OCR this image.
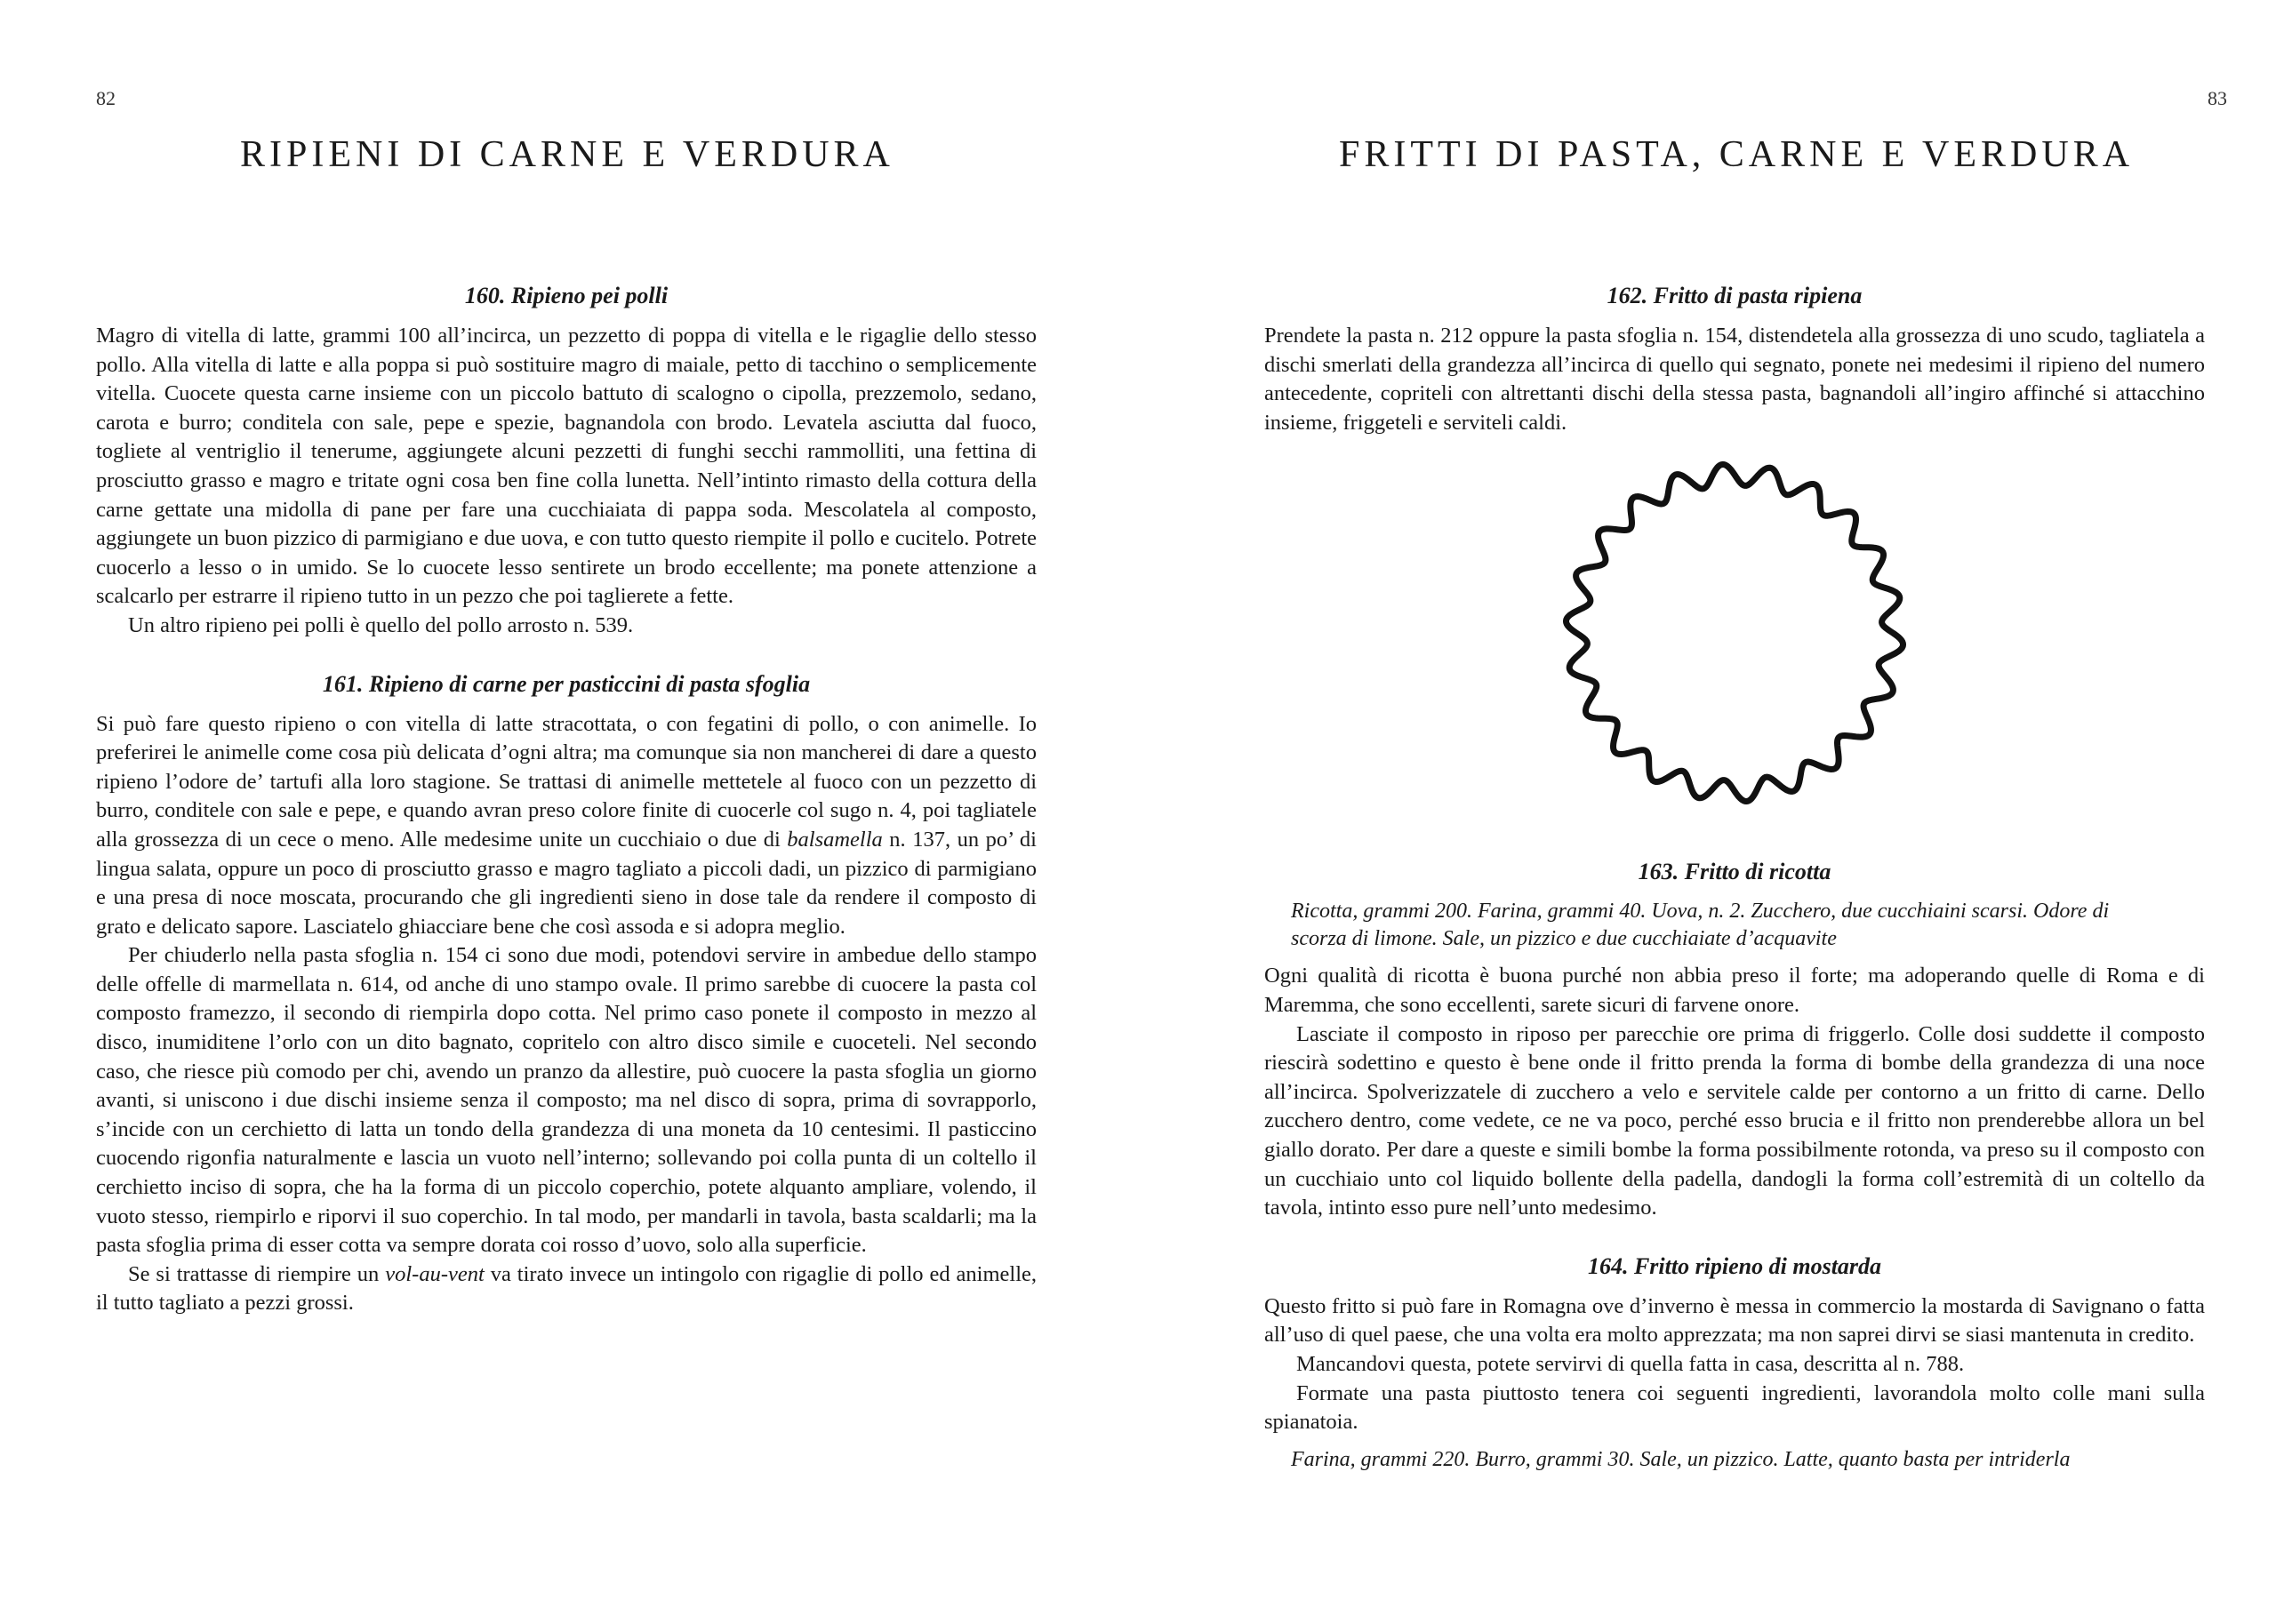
82
RIPIENI DI CARNE E VERDURA
160. Ripieno pei polli

Magro di vitella di latte, grammi 100 all’incirca, un pezzetto di poppa di vitella e le rigaglie dello stesso pollo. Alla vitella di latte e alla poppa si può sostituire magro di maiale, petto di tacchino o semplicemente vitella. Cuocete questa carne insieme con un piccolo battuto di scalogno o cipolla, prezzemolo, sedano, carota e burro; conditela con sale, pepe e spezie, bagnandola con brodo. Levatela asciutta dal fuoco, togliete al ventriglio il tenerume, aggiungete alcuni pezzetti di funghi secchi rammolliti, una fettina di prosciutto grasso e magro e tritate ogni cosa ben fine colla lunetta. Nell’intinto rimasto della cottura della carne gettate una midolla di pane per fare una cucchiaiata di pappa soda. Mescolatela al composto, aggiungete un buon pizzico di parmigiano e due uova, e con tutto questo riempite il pollo e cucitelo. Potrete cuocerlo a lesso o in umido. Se lo cuocete lesso sentirete un brodo eccellente; ma ponete attenzione a scalcarlo per estrarre il ripieno tutto in un pezzo che poi taglierete a fette.

Un altro ripieno pei polli è quello del pollo arrosto n. 539.

161. Ripieno di carne per pasticcini di pasta sfoglia

Si può fare questo ripieno o con vitella di latte stracottata, o con fegatini di pollo, o con animelle. Io preferirei le animelle come cosa più delicata d’ogni altra; ma comunque sia non mancherei di dare a questo ripieno l’odore de’ tartufi alla loro stagione. Se trattasi di animelle mettetele al fuoco con un pezzetto di burro, conditele con sale e pepe, e quando avran preso colore finite di cuocerle col sugo n. 4, poi tagliatele alla grossezza di un cece o meno. Alle medesime unite un cucchiaio o due di balsamella n. 137, un po’ di lingua salata, oppure un poco di prosciutto grasso e magro tagliato a piccoli dadi, un pizzico di parmigiano e una presa di noce moscata, procurando che gli ingredienti sieno in dose tale da rendere il composto di grato e delicato sapore. Lasciatelo ghiacciare bene che così assoda e si adopra meglio.

Per chiuderlo nella pasta sfoglia n. 154 ci sono due modi, potendovi servire in ambedue dello stampo delle offelle di marmellata n. 614, od anche di uno stampo ovale. Il primo sarebbe di cuocere la pasta col composto framezzo, il secondo di riempirla dopo cotta. Nel primo caso ponete il composto in mezzo al disco, inumiditene l’orlo con un dito bagnato, copritelo con altro disco simile e cuoceteli. Nel secondo caso, che riesce più comodo per chi, avendo un pranzo da allestire, può cuocere la pasta sfoglia un giorno avanti, si uniscono i due dischi insieme senza il composto; ma nel disco di sopra, prima di sovrapporlo, s’incide con un cerchietto di latta un tondo della grandezza di una moneta da 10 centesimi. Il pasticcino cuocendo rigonfia naturalmente e lascia un vuoto nell’interno; sollevando poi colla punta di un coltello il cerchietto inciso di sopra, che ha la forma di un piccolo coperchio, potete alquanto ampliare, volendo, il vuoto stesso, riempirlo e riporvi il suo coperchio. In tal modo, per mandarli in tavola, basta scaldarli; ma la pasta sfoglia prima di esser cotta va sempre dorata coi rosso d’uovo, solo alla superficie.

Se si trattasse di riempire un vol-au-vent va tirato invece un intingolo con rigaglie di pollo ed animelle, il tutto tagliato a pezzi grossi.

83
FRITTI DI PASTA, CARNE E VERDURA
162. Fritto di pasta ripiena

Prendete la pasta n. 212 oppure la pasta sfoglia n. 154, distendetela alla grossezza di uno scudo, tagliatela a dischi smerlati della grandezza all’incirca di quello qui segnato, ponete nei medesimi il ripieno del numero antecedente, copriteli con altrettanti dischi della stessa pasta, bagnandoli all’ingiro affinché si attacchino insieme, friggeteli e serviteli caldi.

163. Fritto di ricotta

Ricotta, grammi 200. Farina, grammi 40. Uova, n. 2. Zucchero, due cucchiaini scarsi. Odore di scorza di limone. Sale, un pizzico e due cucchiaiate d’acquavite

Ogni qualità di ricotta è buona purché non abbia preso il forte; ma adoperando quelle di Roma e di Maremma, che sono eccellenti, sarete sicuri di farvene onore.

Lasciate il composto in riposo per parecchie ore prima di friggerlo. Colle dosi suddette il composto riescirà sodettino e questo è bene onde il fritto prenda la forma di bombe della grandezza di una noce all’incirca. Spolverizzatele di zucchero a velo e servitele calde per contorno a un fritto di carne. Dello zucchero dentro, come vedete, ce ne va poco, perché esso brucia e il fritto non prenderebbe allora un bel giallo dorato. Per dare a queste e simili bombe la forma possibilmente rotonda, va preso su il composto con un cucchiaio unto col liquido bollente della padella, dandogli la forma coll’estremità di un coltello da tavola, intinto esso pure nell’unto medesimo.

164. Fritto ripieno di mostarda

Questo fritto si può fare in Romagna ove d’inverno è messa in commercio la mostarda di Savignano o fatta all’uso di quel paese, che una volta era molto apprezzata; ma non saprei dirvi se siasi mantenuta in credito.

Mancandovi questa, potete servirvi di quella fatta in casa, descritta al n. 788.

Formate una pasta piuttosto tenera coi seguenti ingredienti, lavorandola molto colle mani sulla spianatoia.

Farina, grammi 220. Burro, grammi 30. Sale, un pizzico. Latte, quanto basta per intriderla
